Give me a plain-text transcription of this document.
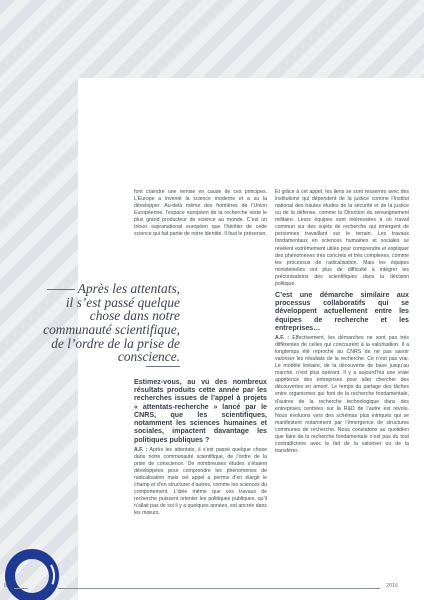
font craindre une remise en cause de ces principes. L’Europe a inventé la science moderne et a su la développer. Au-delà même des frontières de l’Union Européenne, l’espace européen de la recherche reste le plus grand producteur de science au monde. C’est un trésor supranational européen que l’héritier de cette science qui fait partie de notre identité. Il faut le préserver.

Après les attentats, il s’est passé quelque chose dans notre communauté scientifique, de l’ordre de la prise de conscience.

Estimez-vous, au vu des nombreux résultats produits cette année par les recherches issues de l’appel à projets « attentats-recherche » lancé par le CNRS, que les scientifiques, notamment les sciences humaines et sociales, impactent davantage les politiques publiques ?

A.F. : Après les attentats, il s’est passé quelque chose dans notre communauté scientifique, de l’ordre de la prise de conscience. De nombreuses études s’étaient développées pour comprendre les phénomènes de radicalisation mais cet appel a permis d’en élargir le champ et d’en structurer d’autres, comme les sciences du comportement. L’idée même que ces travaux de recherche puissent orienter les politiques publiques, qu’il n’allait pas de soi il y a quelques années, est ancrée dans les mœurs.

Et grâce à cet appel, les liens se sont resserrés avec des institutions qui dépendent de la justice comme l’Institut national des hautes études de la sécurité et de la justice ou de la défense, comme la Direction du renseignement militaire. Leurs équipes sont intéressées à un travail commun sur des sujets de recherche qui émergent de personnes travaillant sur le terrain. Les travaux fondamentaux en sciences humaines et sociales se révèlent extrêmement utiles pour comprendre et expliquer des phénomènes très concrets et très complexes, comme les processus de radicalisation. Mais les équipes ministérielles ont plus de difficulté à intégrer les préconisations des scientifiques dans la décision politique.

C’est une démarche similaire aux processus collaboratifs qui se développent actuellement entre les équipes de recherche et les entreprises…

A.F. : Effectivement, les démarches ne sont pas très différentes de celles qui concourent à la valorisation. Il a longtemps été reproché au CNRS de ne pas savoir valoriser les résultats de la recherche. Ce n’est pas vrai. Le modèle linéaire, de la découverte de base jusqu’au marché, n’est plus opérant. Il y a aujourd’hui une vraie appétence des entreprises pour aller chercher des découvertes en amont. Le temps du partage des tâches entre organismes qui font de la recherche fondamentale, d’autres de la recherche technologique dans des entreprises centrées sur la R&D de l’autre est révolu. Nous évoluons vers des schémas plus intriqués qui se manifestent notamment par l’émergence de structures communes de recherche. Nous constatons au quotidien que faire de la recherche fondamentale n’est pas du tout contradictoire avec le fait de la valoriser ou de la transférer.

8	2016
